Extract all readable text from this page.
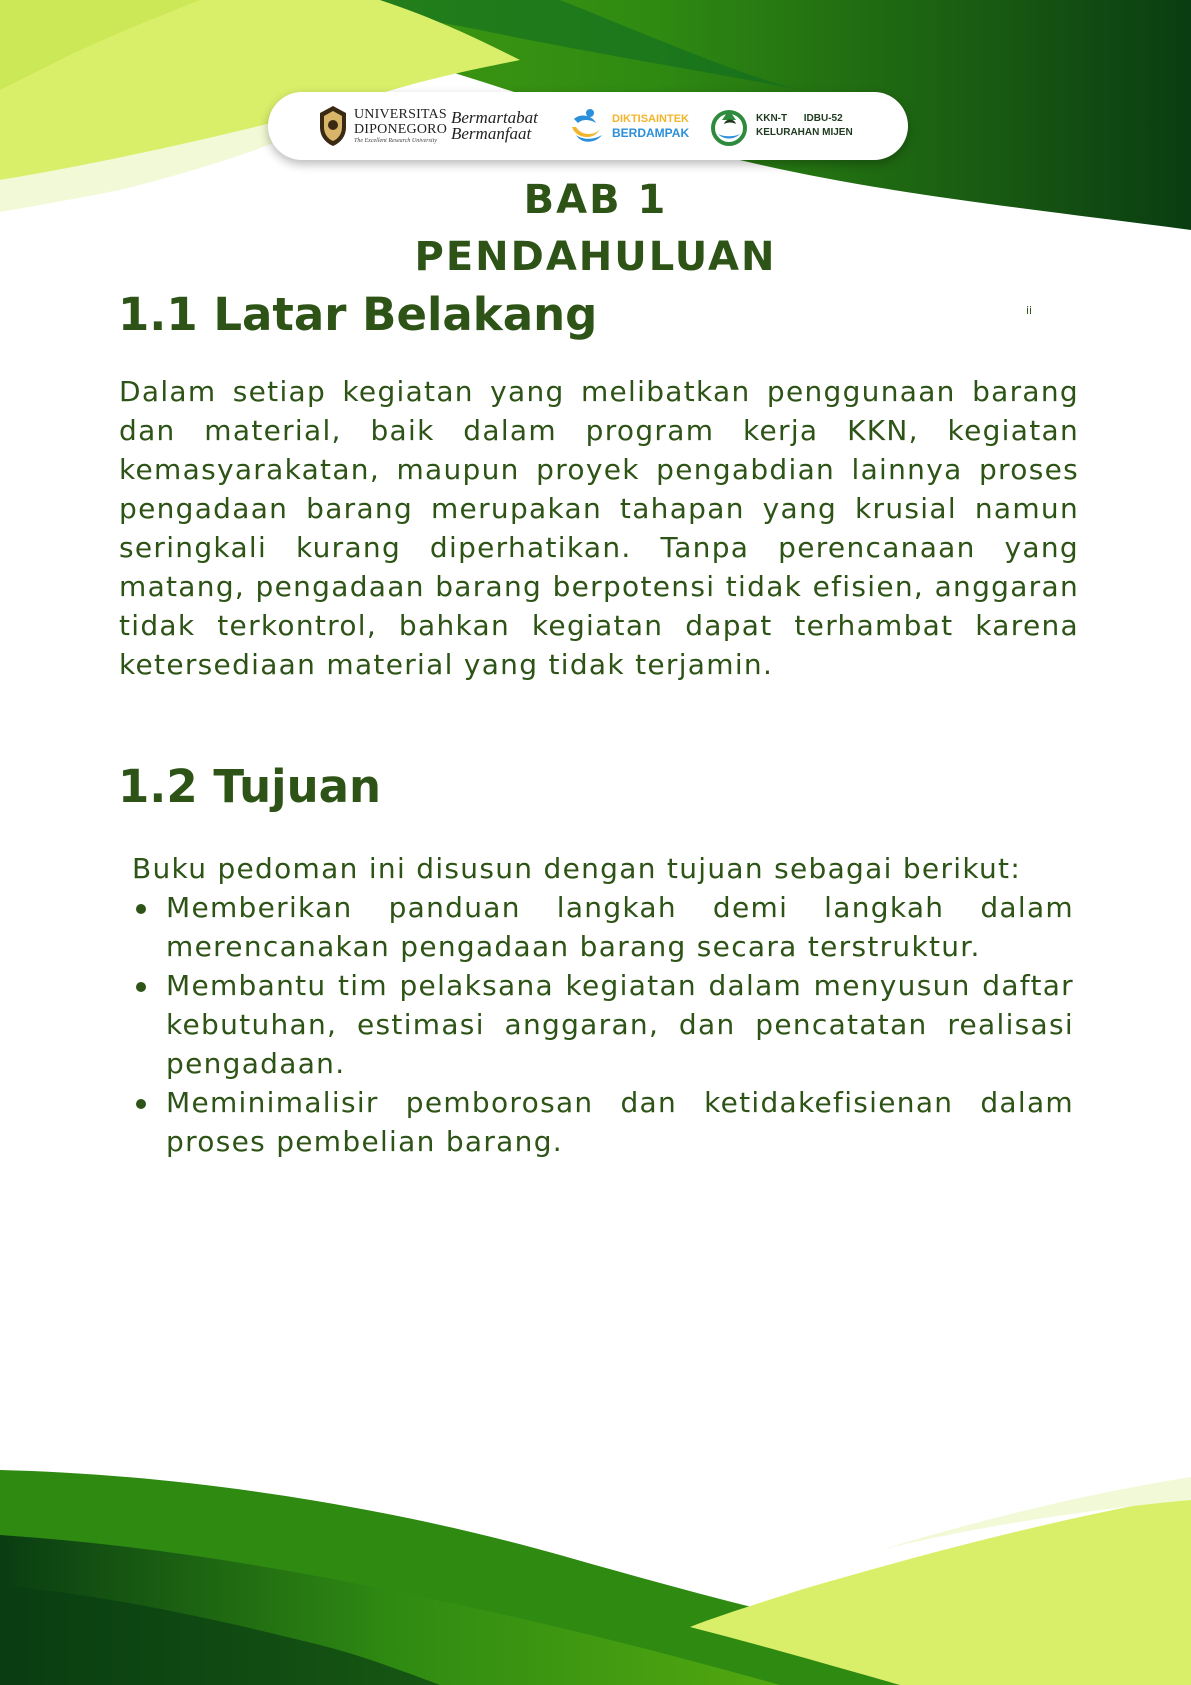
UNIVERSITAS
DIPONEGORO
The Excellent Research University
Bermartabat
Bermanfaat
DIKTISAINTEK
BERDAMPAK
KKN-T      IDBU-52
KELURAHAN MIJEN
BAB 1
PENDAHULUAN
ii
1.1 Latar Belakang

Dalam setiap kegiatan yang melibatkan penggunaan barang dan material, baik dalam program kerja KKN, kegiatan kemasyarakatan, maupun proyek pengabdian lainnya proses pengadaan barang merupakan tahapan yang krusial namun seringkali kurang diperhatikan. Tanpa perencanaan yang matang, pengadaan barang berpotensi tidak efisien, anggaran tidak terkontrol, bahkan kegiatan dapat terhambat karena ketersediaan material yang tidak terjamin.

1.2 Tujuan

Buku pedoman ini disusun dengan tujuan sebagai berikut:

Memberikan panduan langkah demi langkah dalam merencanakan pengadaan barang secara terstruktur.
Membantu tim pelaksana kegiatan dalam menyusun daftar kebutuhan, estimasi anggaran, dan pencatatan realisasi pengadaan.
Meminimalisir pemborosan dan ketidakefisienan dalam proses pembelian barang.
